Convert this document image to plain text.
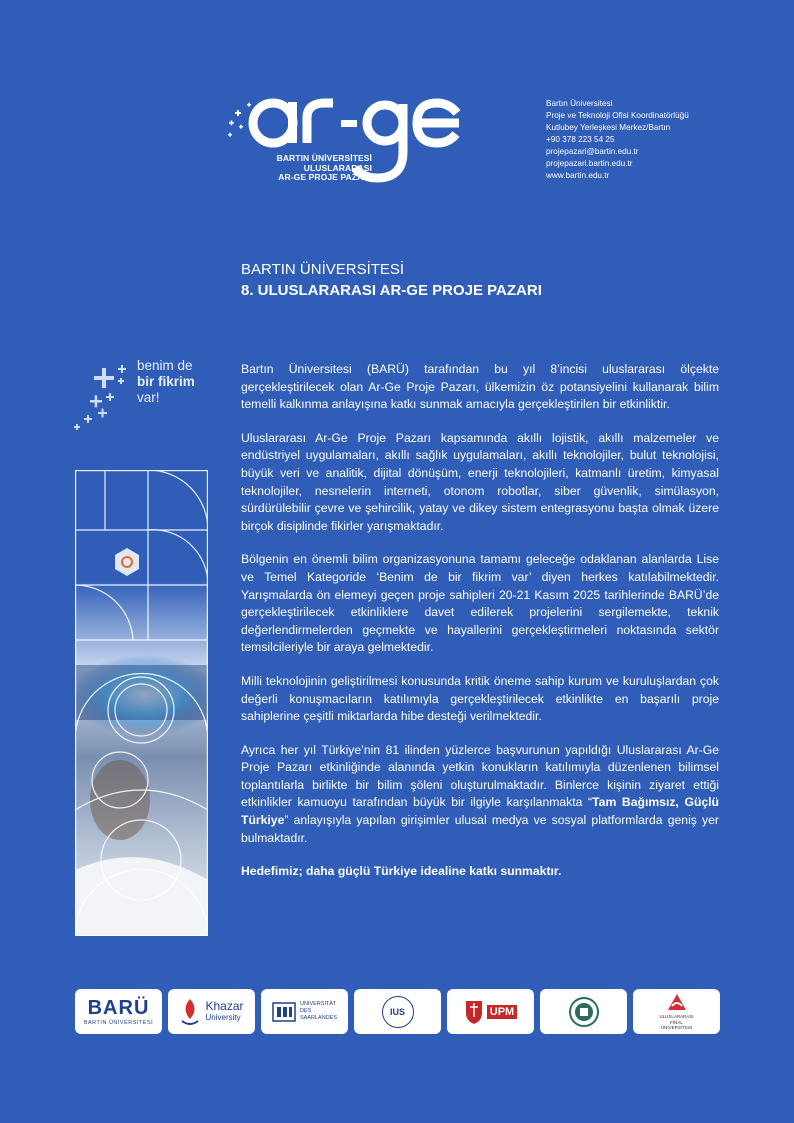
BARTIN ÜNİVERSİTESİ
ULUSLARARASI
AR-GE PROJE PAZARI
Bartın Üniversitesi
Proje ve Teknoloji Ofisi Koordinatörlüğü
Kutlubey Yerleşkesi Merkez/Bartın
+90 378 223 54 25
projepazari@bartin.edu.tr
projepazari.bartin.edu.tr
www.bartin.edu.tr
BARTIN ÜNİVERSİTESİ
8. ULUSLARARASI AR-GE PROJE PAZARI
benim de
bir fikrim
var!

Bartın Üniversitesi (BARÜ) tarafından bu yıl 8’incisi uluslararası ölçekte gerçekleştirilecek olan Ar-Ge Proje Pazarı, ülkemizin öz potansiyelini kullanarak bilim temelli kalkınma anlayışına katkı sunmak amacıyla gerçekleştirilen bir etkinliktir.

Uluslararası Ar-Ge Proje Pazarı kapsamında akıllı lojistik, akıllı malzemeler ve endüstriyel uygulamaları, akıllı sağlık uygulamaları, akıllı teknolojiler, bulut teknolojisi, büyük veri ve analitik, dijital dönüşüm, enerji teknolojileri, katmanlı üretim, kimyasal teknolojiler, nesnelerin interneti, otonom robotlar, siber güvenlik, simülasyon, sürdürülebilir çevre ve şehircilik, yatay ve dikey sistem entegrasyonu başta olmak üzere birçok disiplinde fikirler yarışmaktadır.

Bölgenin en önemli bilim organizasyonuna tamamı geleceğe odaklanan alanlarda Lise ve Temel Kategoride ‘Benim de bir fikrim var’ diyen herkes katılabilmektedir. Yarışmalarda ön elemeyi geçen proje sahipleri 20-21 Kasım 2025 tarihlerinde BARÜ’de gerçekleştirilecek etkinliklere davet edilerek projelerini sergilemekte, teknik değerlendirmelerden geçmekte ve hayallerini gerçekleştirmeleri noktasında sektör temsilcileriyle bir araya gelmektedir.

Milli teknolojinin geliştirilmesi konusunda kritik öneme sahip kurum ve kuruluşlardan çok değerli konuşmacıların katılımıyla gerçekleştirilecek etkinlikte en başarılı proje sahiplerine çeşitli miktarlarda hibe desteği verilmektedir.

Ayrıca her yıl Türkiye’nin 81 ilinden yüzlerce başvurunun yapıldığı Uluslararası Ar-Ge Proje Pazarı etkinliğinde alanında yetkin konukların katılımıyla düzenlenen bilimsel toplantılarla birlikte bir bilim şöleni oluşturulmaktadır. Binlerce kişinin ziyaret ettiği etkinlikler kamuoyu tarafından büyük bir ilgiyle karşılanmakta “Tam Bağımsız, Güçlü Türkiye” anlayışıyla yapılan girişimler ulusal medya ve sosyal platformlarda geniş yer bulmaktadır.

Hedefimiz; daha güçlü Türkiye idealine katkı sunmaktır.

BARÜ
BARTIN ÜNİVERSİTESİ
Khazar
University
UNIVERSITÄT DES SAARLANDES
IUS	UPM	ULUSLARARASI FİNAL ÜNİVERSİTESİ
